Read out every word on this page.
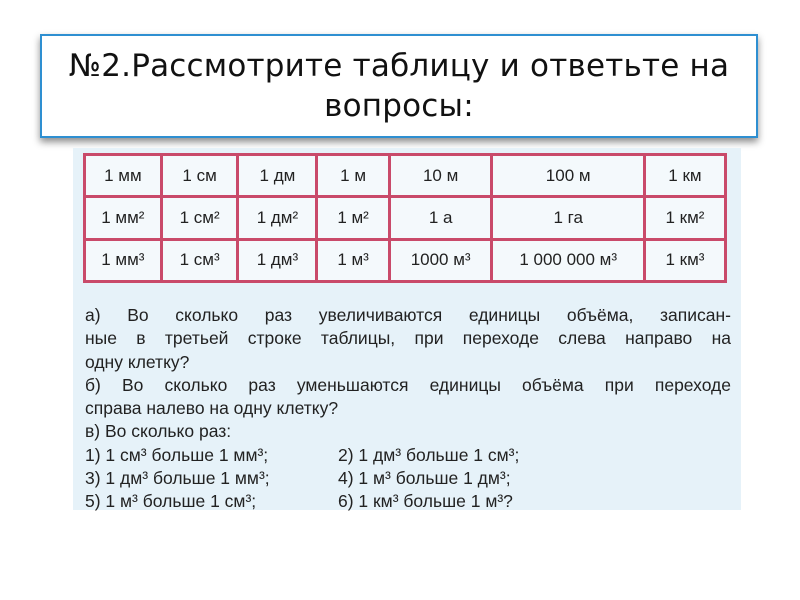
№2.Рассмотрите таблицу и ответьте на вопросы:
1 мм	1 см	1 дм	1 м	10 м	100 м	1 км
1 мм²	1 см²	1 дм²	1 м²	1 а	1 га	1 км²
1 мм³	1 см³	1 дм³	1 м³	1000 м³	1 000 000 м³	1 км³

а) Во сколько раз увеличиваются единицы объёма, записан-

ные в третьей строке таблицы, при переходе слева направо на

одну клетку?

б) Во сколько раз уменьшаются единицы объёма при переходе

справа налево на одну клетку?

в) Во сколько раз:

1) 1 см³ больше 1 мм³;	2) 1 дм³ больше 1 см³;
3) 1 дм³ больше 1 мм³;	4) 1 м³ больше 1 дм³;
5) 1 м³ больше 1 см³;	6) 1 км³ больше 1 м³?
